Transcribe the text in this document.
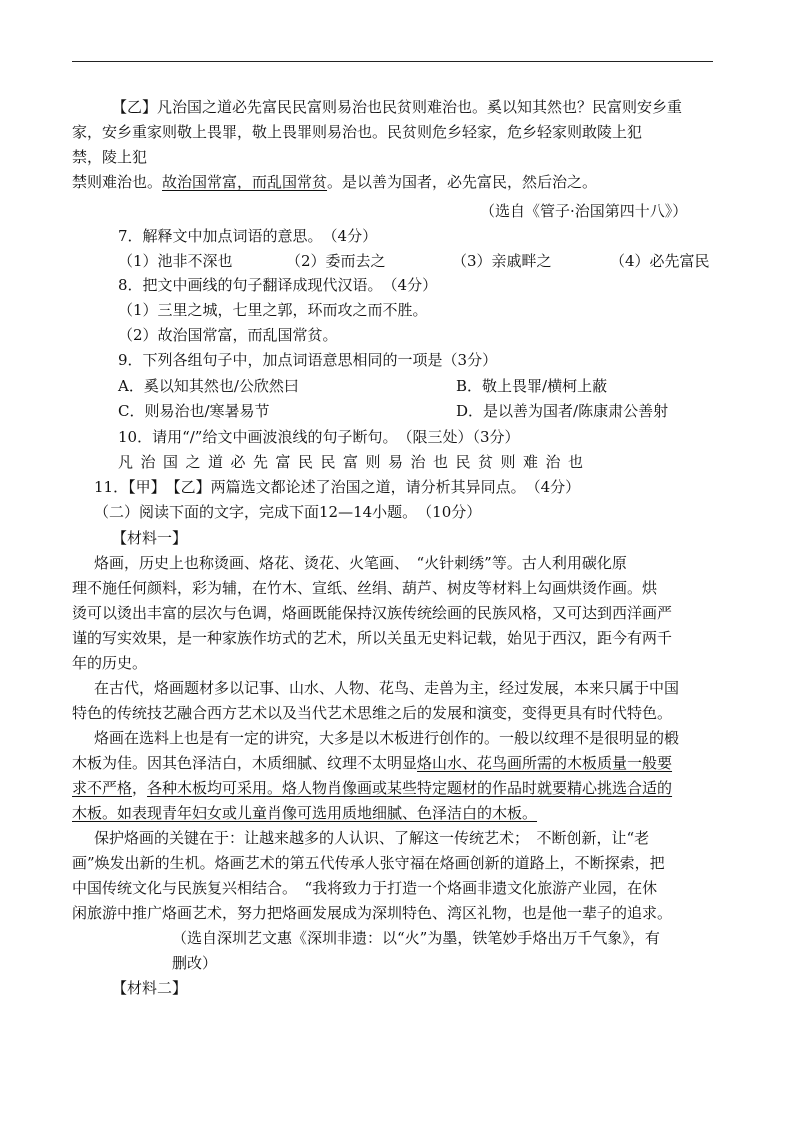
【乙】凡治国之道必先富民民富则易治也民贫则难治也。奚以知其然也？民富则安乡重
家，安乡重家则敬上畏罪，敬上畏罪则易治也。民贫则危乡轻家，危乡轻家则敢陵上犯
禁，陵上犯
禁则难治也。故治国常富，而乱国常贫。是以善为国者，必先富民，然后治之。
（选自《管子·治国第四十八》）
7．解释文中加点词语的意思。　（4分）
（1）池非不深也	（2）委而去之	（3）亲戚畔之	（4）必先富民
8．把文中画线的句子翻译成现代汉语。　（4分）
（1）三里之城，七里之郭，环而攻之而不胜。
（2）故治国常富，而乱国常贫。
9．下列各组句子中，加点词语意思相同的一项是（3分）
A．奚以知其然也/公欣然曰	B．敬上畏罪/横柯上蔽
C．则易治也/寒暑易节	D．是以善为国者/陈康肃公善射
10．请用“/”给文中画波浪线的句子断句。　（限三处）（3分）
凡治国之道必先富民民富则易治也民贫则难治也
11．【甲】　【乙】两篇选文都论述了治国之道，请分析其异同点。　（4分）
（二）阅读下面的文字，完成下面12—14小题。　（10分）
【材料一】
烙画，历史上也称烫画、烙花、烫花、火笔画、　“火针刺绣”等。古人利用碳化原
理不施任何颜料，彩为辅，在竹木、宣纸、丝绢、葫芦、树皮等材料上勾画烘烫作画。烘
烫可以烫出丰富的层次与色调，烙画既能保持汉族传统绘画的民族风格，又可达到西洋画严
谨的写实效果，是一种家族作坊式的艺术，所以关虽无史料记载，始见于西汉，距今有两千
年的历史。
在古代，烙画题材多以记事、山水、人物、花鸟、走兽为主，经过发展，本来只属于中国
特色的传统技艺融合西方艺术以及当代艺术思维之后的发展和演变，变得更具有时代特色。
烙画在选料上也是有一定的讲究，大多是以木板进行创作的。一般以纹理不是很明显的椴
木板为佳。因其色泽洁白，木质细腻、纹理不太明显烙山水、花鸟画所需的木板质量一般要
求不严格，各种木板均可采用。烙人物肖像画或某些特定题材的作品时就要精心挑选合适的
木板。如表现青年妇女或儿童肖像可选用质地细腻、色泽洁白的木板。
保护烙画的关键在于：让越来越多的人认识、了解这一传统艺术；　不断创新，让“老
画”焕发出新的生机。烙画艺术的第五代传承人张守福在烙画创新的道路上，不断探索，把
中国传统文化与民族复兴相结合。　“我将致力于打造一个烙画非遗文化旅游产业园，在休
闲旅游中推广烙画艺术，努力把烙画发展成为深圳特色、湾区礼物，也是他一辈子的追求。
（选自深圳艺文惠《深圳非遗：以“火”为墨，铁笔妙手烙出万千气象》，有
删改）
【材料二】
